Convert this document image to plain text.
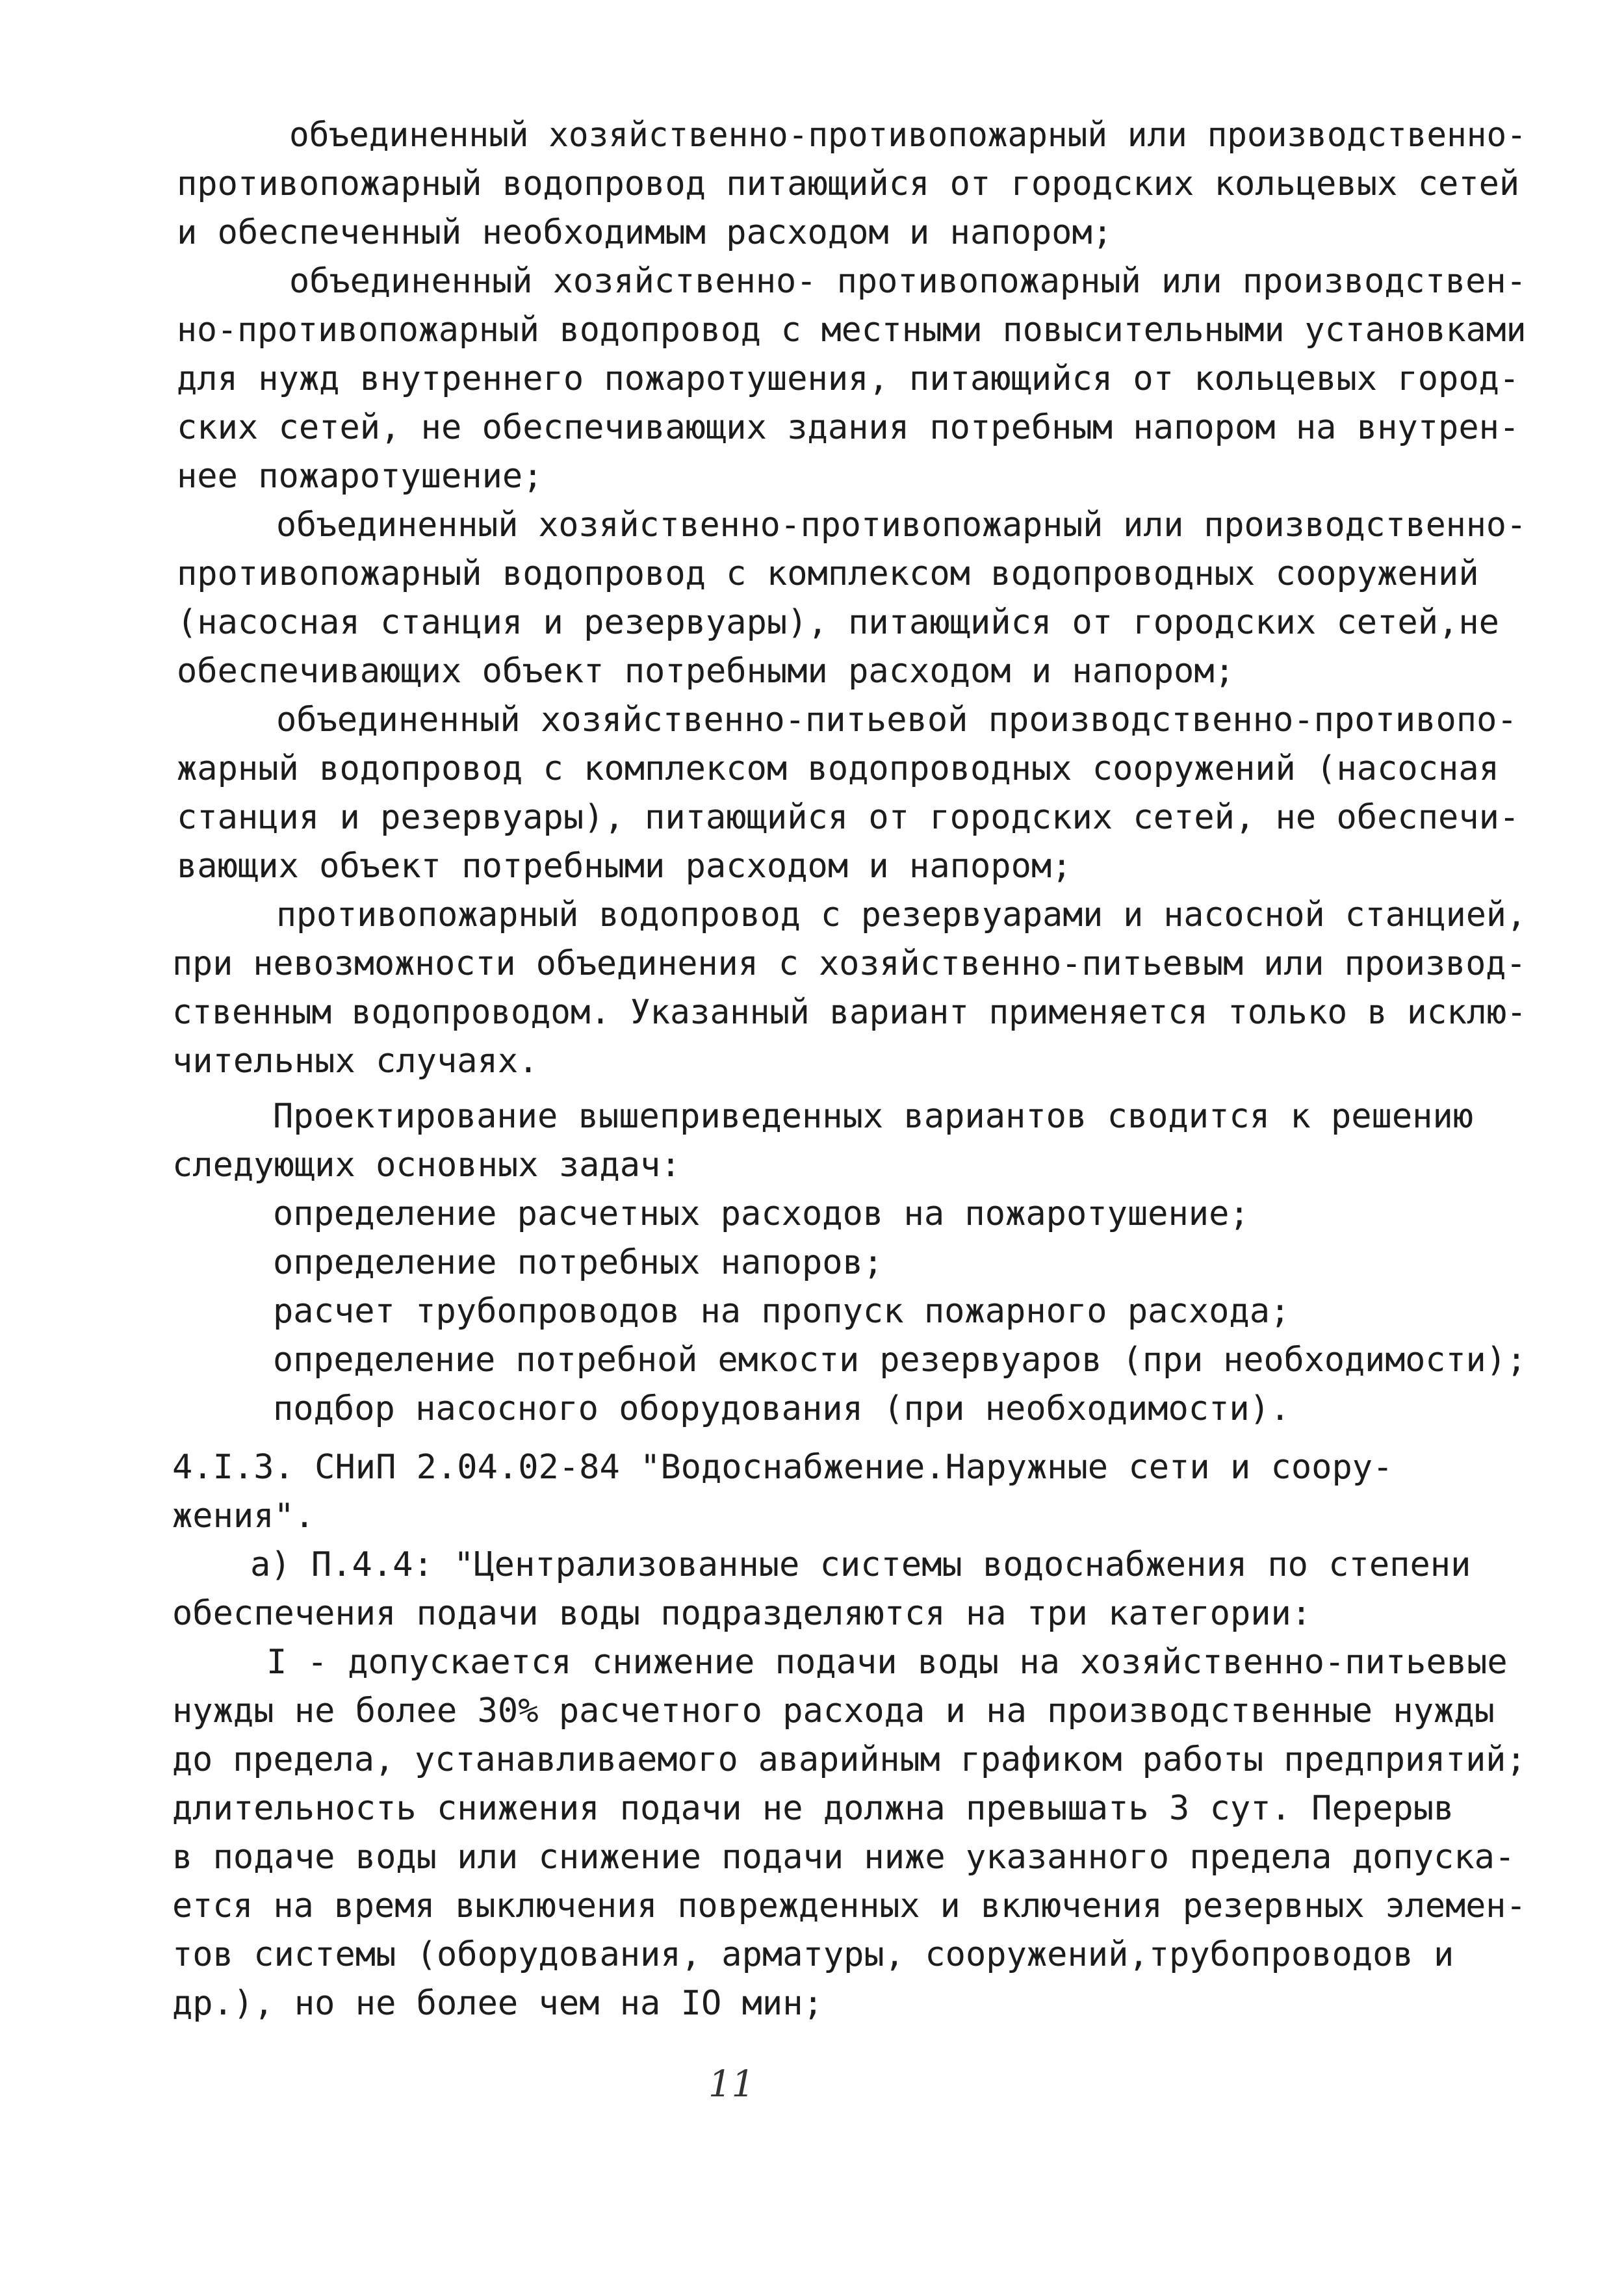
объединенный хозяйственно-противопожарный или производственно-
противопожарный водопровод питающийся от городских кольцевых сетей
и обеспеченный необходимым расходом и напором;
объединенный хозяйственно- противопожарный или производствен-
но-противопожарный водопровод с местными повысительными установками
для нужд внутреннего пожаротушения, питающийся от кольцевых город-
ских сетей, не обеспечивающих здания потребным напором на внутрен-
нее пожаротушение;
объединенный хозяйственно-противопожарный или производственно-
противопожарный водопровод с комплексом водопроводных сооружений
(насосная станция и резервуары), питающийся от городских сетей,не
обеспечивающих объект потребными расходом и напором;
объединенный хозяйственно-питьевой производственно-противопо-
жарный водопровод с комплексом водопроводных сооружений (насосная
станция и резервуары), питающийся от городских сетей, не обеспечи-
вающих объект потребными расходом и напором;
противопожарный водопровод с резервуарами и насосной станцией,
при невозможности объединения с хозяйственно-питьевым или производ-
ственным водопроводом. Указанный вариант применяется только в исклю-
чительных случаях.
Проектирование вышеприведенных вариантов сводится к решению
следующих основных задач:
определение расчетных расходов на пожаротушение;
определение потребных напоров;
расчет трубопроводов на пропуск пожарного расхода;
определение потребной емкости резервуаров (при необходимости);
подбор насосного оборудования (при необходимости).
4.I.3. СНиП 2.04.02-84 "Водоснабжение.Наружные сети и соору-
жения".
а) П.4.4: "Централизованные системы водоснабжения по степени
обеспечения подачи воды подразделяются на три категории:
I - допускается снижение подачи воды на хозяйственно-питьевые
нужды не более 30% расчетного расхода и на производственные нужды
до предела, устанавливаемого аварийным графиком работы предприятий;
длительность снижения подачи не должна превышать 3 сут. Перерыв
в подаче воды или снижение подачи ниже указанного предела допуска-
ется на время выключения поврежденных и включения резервных элемен-
тов системы (оборудования, арматуры, сооружений,трубопроводов и
др.), но не более чем на IO мин;
11
